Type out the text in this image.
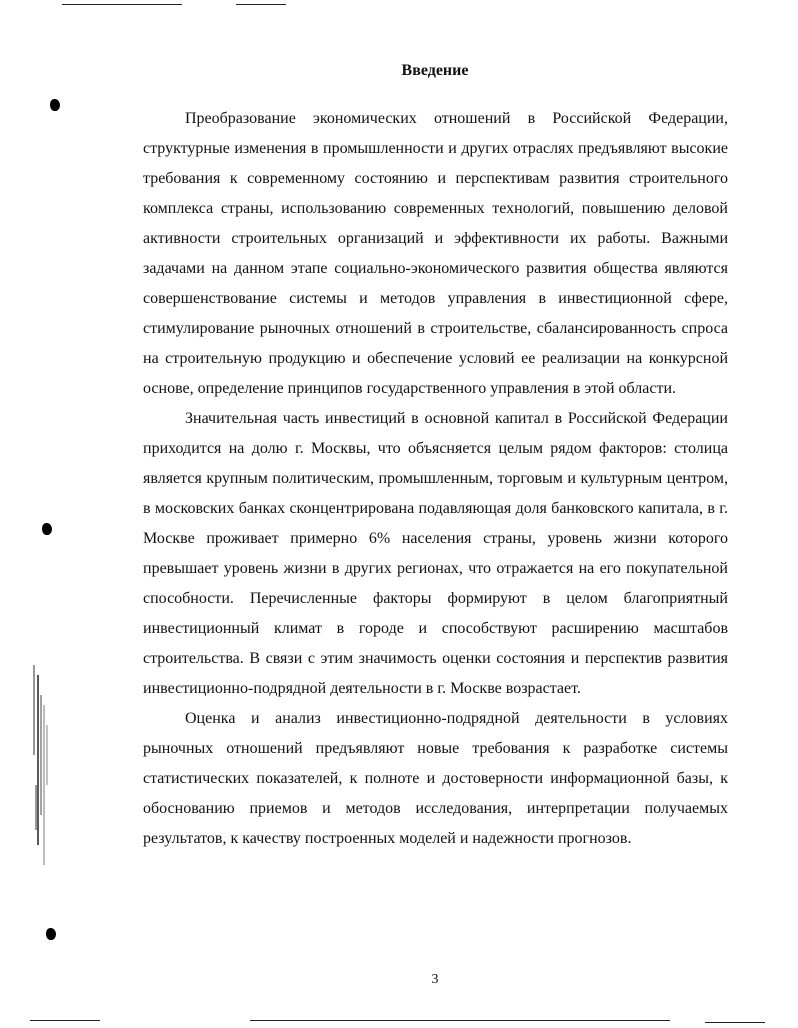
Введение

Преобразование экономических отношений в Российской Федерации, структурные изменения в промышленности и других отраслях предъявляют высокие требования к современному состоянию и перспективам развития строительного комплекса страны, использованию современных технологий, повышению деловой активности строительных организаций и эффективности их работы. Важными задачами на данном этапе социально-экономического развития общества являются совершенствование системы и методов управления в инвестиционной сфере, стимулирование рыночных отношений в строительстве, сбалансированность спроса на строительную продукцию и обеспечение условий ее реализации на конкурсной основе, определение принципов государственного управления в этой области.

Значительная часть инвестиций в основной капитал в Российской Федерации приходится на долю г. Москвы, что объясняется целым рядом факторов: столица является крупным политическим, промышленным, торговым и культурным центром, в московских банках сконцентрирована подавляющая доля банковского капитала, в г. Москве проживает примерно 6% населения страны, уровень жизни которого превышает уровень жизни в других регионах, что отражается на его покупательной способности. Перечисленные факторы формируют в целом благоприятный инвестиционный климат в городе и способствуют расширению масштабов строительства. В связи с этим значимость оценки состояния и перспектив развития инвестиционно-подрядной деятельности в г. Москве возрастает.

Оценка и анализ инвестиционно-подрядной деятельности в условиях рыночных отношений предъявляют новые требования к разработке системы статистических показателей, к полноте и достоверности информационной базы, к обоснованию приемов и методов исследования, интерпретации получаемых результатов, к качеству построенных моделей и надежности прогнозов.

3
